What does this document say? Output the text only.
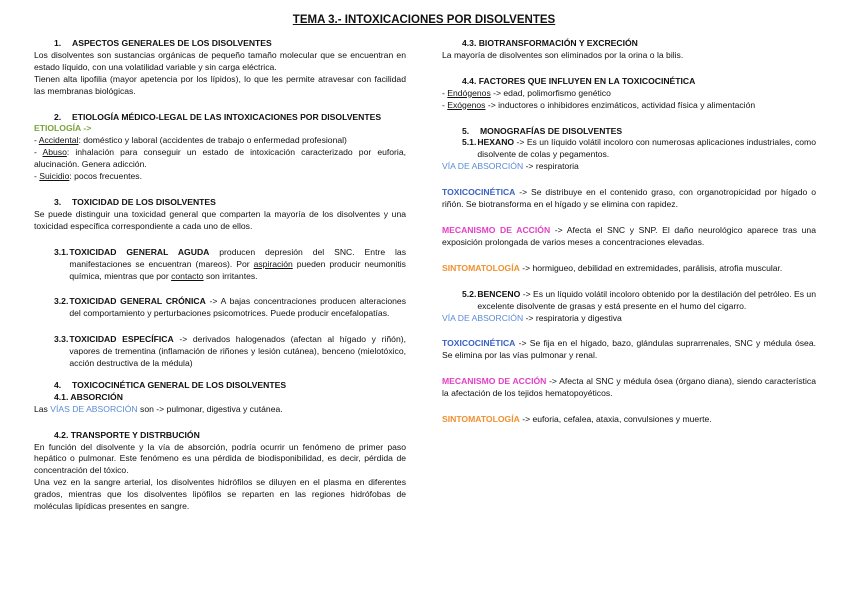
TEMA 3.- INTOXICACIONES POR DISOLVENTES

1. ASPECTOS GENERALES DE LOS DISOLVENTES

Los disolventes son sustancias orgánicas de pequeño tamaño molecular que se encuentran en estado líquido, con una volatilidad variable y sin carga eléctrica.

Tienen alta lipofilia (mayor apetencia por los lípidos), lo que les permite atravesar con facilidad las membranas biológicas.

2. ETIOLOGÍA MÉDICO-LEGAL DE LAS INTOXICACIONES POR DISOLVENTES

ETIOLOGÍA ->

- Accidental: doméstico y laboral (accidentes de trabajo o enfermedad profesional)

- Abuso: inhalación para conseguir un estado de intoxicación caracterizado por euforia, alucinación. Genera adicción.

- Suicidio: pocos frecuentes.

3. TOXICIDAD DE LOS DISOLVENTES

Se puede distinguir una toxicidad general que comparten la mayoría de los disolventes y una toxicidad específica correspondiente a cada uno de ellos.

3.1. TOXICIDAD GENERAL AGUDA producen depresión del SNC. Entre las manifestaciones se encuentran (mareos). Por aspiración pueden producir neumonitis química, mientras que por contacto son irritantes.
3.2. TOXICIDAD GENERAL CRÓNICA -> A bajas concentraciones producen alteraciones del comportamiento y perturbaciones psicomotrices. Puede producir encefalopatías.
3.3. TOXICIDAD ESPECÍFICA -> derivados halogenados (afectan al hígado y riñón), vapores de trementina (inflamación de riñones y lesión cutánea), benceno (mielotóxico, acción destructiva de la médula)

4. TOXICOCINÉTICA GENERAL DE LOS DISOLVENTES

4.1. ABSORCIÓN

Las VÍAS DE ABSORCIÓN son -> pulmonar, digestiva y cutánea.

4.2. TRANSPORTE Y DISTRBUCIÓN

En función del disolvente y la vía de absorción, podría ocurrir un fenómeno de primer paso hepático o pulmonar. Este fenómeno es una pérdida de biodisponibilidad, es decir, pérdida de concentración del tóxico.

Una vez en la sangre arterial, los disolventes hidrófilos se diluyen en el plasma en diferentes grados, mientras que los disolventes lipófilos se reparten en las regiones hidrófobas de moléculas lipídicas presentes en sangre.

4.3. BIOTRANSFORMACIÓN Y EXCRECIÓN

La mayoría de disolventes son eliminados por la orina o la bilis.

4.4. FACTORES QUE INFLUYEN EN LA TOXICOCINÉTICA

- Endógenos -> edad, polimorfismo genético

- Exógenos -> inductores o inhibidores enzimáticos, actividad física y alimentación

5. MONOGRAFÍAS DE DISOLVENTES

5.1. HEXANO -> Es un líquido volátil incoloro con numerosas aplicaciones industriales, como disolvente de colas y pegamentos.

VÍA DE ABSORCIÓN -> respiratoria

TOXICOCINÉTICA -> Se distribuye en el contenido graso, con organotropicidad por hígado o riñón. Se biotransforma en el hígado y se elimina con rapidez.

MECANISMO DE ACCIÓN -> Afecta el SNC y SNP. El daño neurológico aparece tras una exposición prolongada de varios meses a concentraciones elevadas.

SINTOMATOLOGÍA -> hormigueo, debilidad en extremidades, parálisis, atrofia muscular.

5.2. BENCENO -> Es un líquido volátil incoloro obtenido por la destilación del petróleo. Es un excelente disolvente de grasas y está presente en el humo del cigarro.

VÍA DE ABSORCIÓN -> respiratoria y digestiva

TOXICOCINÉTICA -> Se fija en el hígado, bazo, glándulas suprarrenales, SNC y médula ósea. Se elimina por las vías pulmonar y renal.

MECANISMO DE ACCIÓN -> Afecta al SNC y médula ósea (órgano diana), siendo característica la afectación de los tejidos hematopoyéticos.

SINTOMATOLOGÍA -> euforia, cefalea, ataxia, convulsiones y muerte.
